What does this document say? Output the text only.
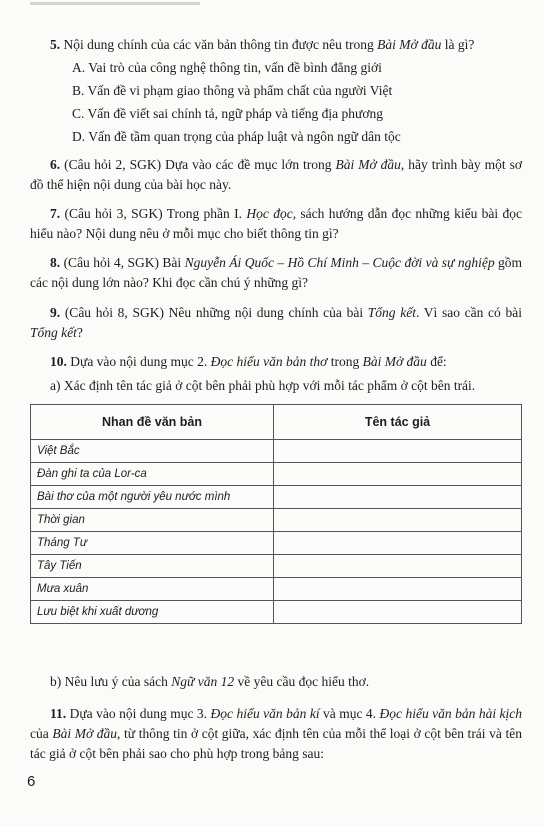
5. Nội dung chính của các văn bản thông tin được nêu trong Bài Mở đầu là gì?
A. Vai trò của công nghệ thông tin, vấn đề bình đẳng giới
B. Vấn đề vi phạm giao thông và phẩm chất của người Việt
C. Vấn đề viết sai chính tả, ngữ pháp và tiếng địa phương
D. Vấn đề tầm quan trọng của pháp luật và ngôn ngữ dân tộc
6. (Câu hỏi 2, SGK) Dựa vào các đề mục lớn trong Bài Mở đầu, hãy trình bày một sơ đồ thể hiện nội dung của bài học này.
7. (Câu hỏi 3, SGK) Trong phần I. Học đọc, sách hướng dẫn đọc những kiểu bài đọc hiểu nào? Nội dung nêu ở mỗi mục cho biết thông tin gì?
8. (Câu hỏi 4, SGK) Bài Nguyễn Ái Quốc – Hồ Chí Minh – Cuộc đời và sự nghiệp gồm các nội dung lớn nào? Khi đọc cần chú ý những gì?
9. (Câu hỏi 8, SGK) Nêu những nội dung chính của bài Tổng kết. Vì sao cần có bài Tổng kết?
10. Dựa vào nội dung mục 2. Đọc hiểu văn bản thơ trong Bài Mở đầu để:
a) Xác định tên tác giả ở cột bên phải phù hợp với mỗi tác phẩm ở cột bên trái.
Nhan đề văn bản	Tên tác giả
Việt Bắc	
Đàn ghi ta của Lor-ca	
Bài thơ của một người yêu nước mình	
Thời gian	
Tháng Tư	
Tây Tiến	
Mưa xuân	
Lưu biệt khi xuất dương	
b) Nêu lưu ý của sách Ngữ văn 12 về yêu cầu đọc hiểu thơ.
11. Dựa vào nội dung mục 3. Đọc hiểu văn bản kí và mục 4. Đọc hiểu văn bản hài kịch của Bài Mở đầu, từ thông tin ở cột giữa, xác định tên của mỗi thể loại ở cột bên trái và tên tác giả ở cột bên phải sao cho phù hợp trong bảng sau:
6
